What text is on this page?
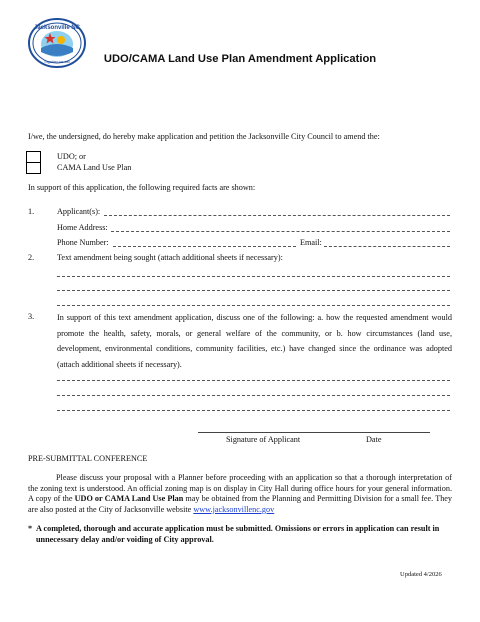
Jacksonville NC
Together we can	UDO/CAMA Land Use Plan Amendment Application
I/we, the undersigned, do hereby make application and petition the Jacksonville City Council to amend the:
UDO; or
CAMA Land Use Plan
In support of this application, the following required facts are shown:
1.	Applicant(s):
Home Address:
Phone Number:	Email:
2.	Text amendment being sought (attach additional sheets if necessary):
3.	In support of this text amendment application, discuss one of the following: a. how the requested amendment would promote the health, safety, morals, or general welfare of the community, or b. how circumstances (land use, development, environmental conditions, community facilities, etc.) have changed since the ordinance was adopted (attach additional sheets if necessary).
Signature of Applicant	Date
PRE-SUBMITTAL CONFERENCE
Please discuss your proposal with a Planner before proceeding with an application so that a thorough interpretation of the zoning text is understood. An official zoning map is on display in City Hall during office hours for your general information. A copy of the UDO or CAMA Land Use Plan may be obtained from the Planning and Permitting Division for a small fee. They are also posted at the City of Jacksonville website www.jacksonvillenc.gov
* A completed, thorough and accurate application must be submitted. Omissions or errors in application can result in unnecessary delay and/or voiding of City approval.
Updated 4/2026
